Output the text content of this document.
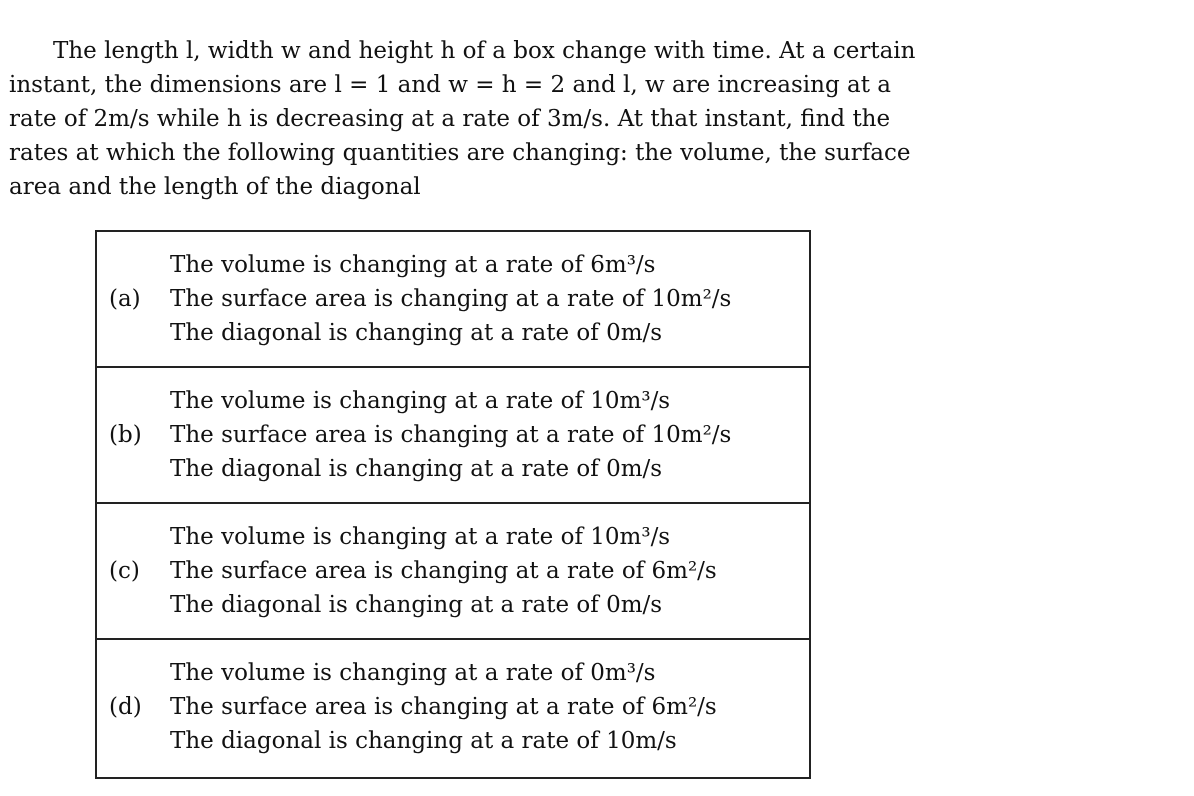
The length l, width w and height h of a box change with time. At a certain
instant, the dimensions are l = 1 and w = h = 2 and l, w are increasing at a
rate of 2m/s while h is decreasing at a rate of 3m/s. At that instant, find the
rates at which the following quantities are changing: the volume, the surface
area and the length of the diagonal
(a)
The volume is changing at a rate of 6m³/s
The surface area is changing at a rate of 10m²/s
The diagonal is changing at a rate of 0m/s
(b)
The volume is changing at a rate of 10m³/s
The surface area is changing at a rate of 10m²/s
The diagonal is changing at a rate of 0m/s
(c)
The volume is changing at a rate of 10m³/s
The surface area is changing at a rate of 6m²/s
The diagonal is changing at a rate of 0m/s
(d)
The volume is changing at a rate of 0m³/s
The surface area is changing at a rate of 6m²/s
The diagonal is changing at a rate of 10m/s
